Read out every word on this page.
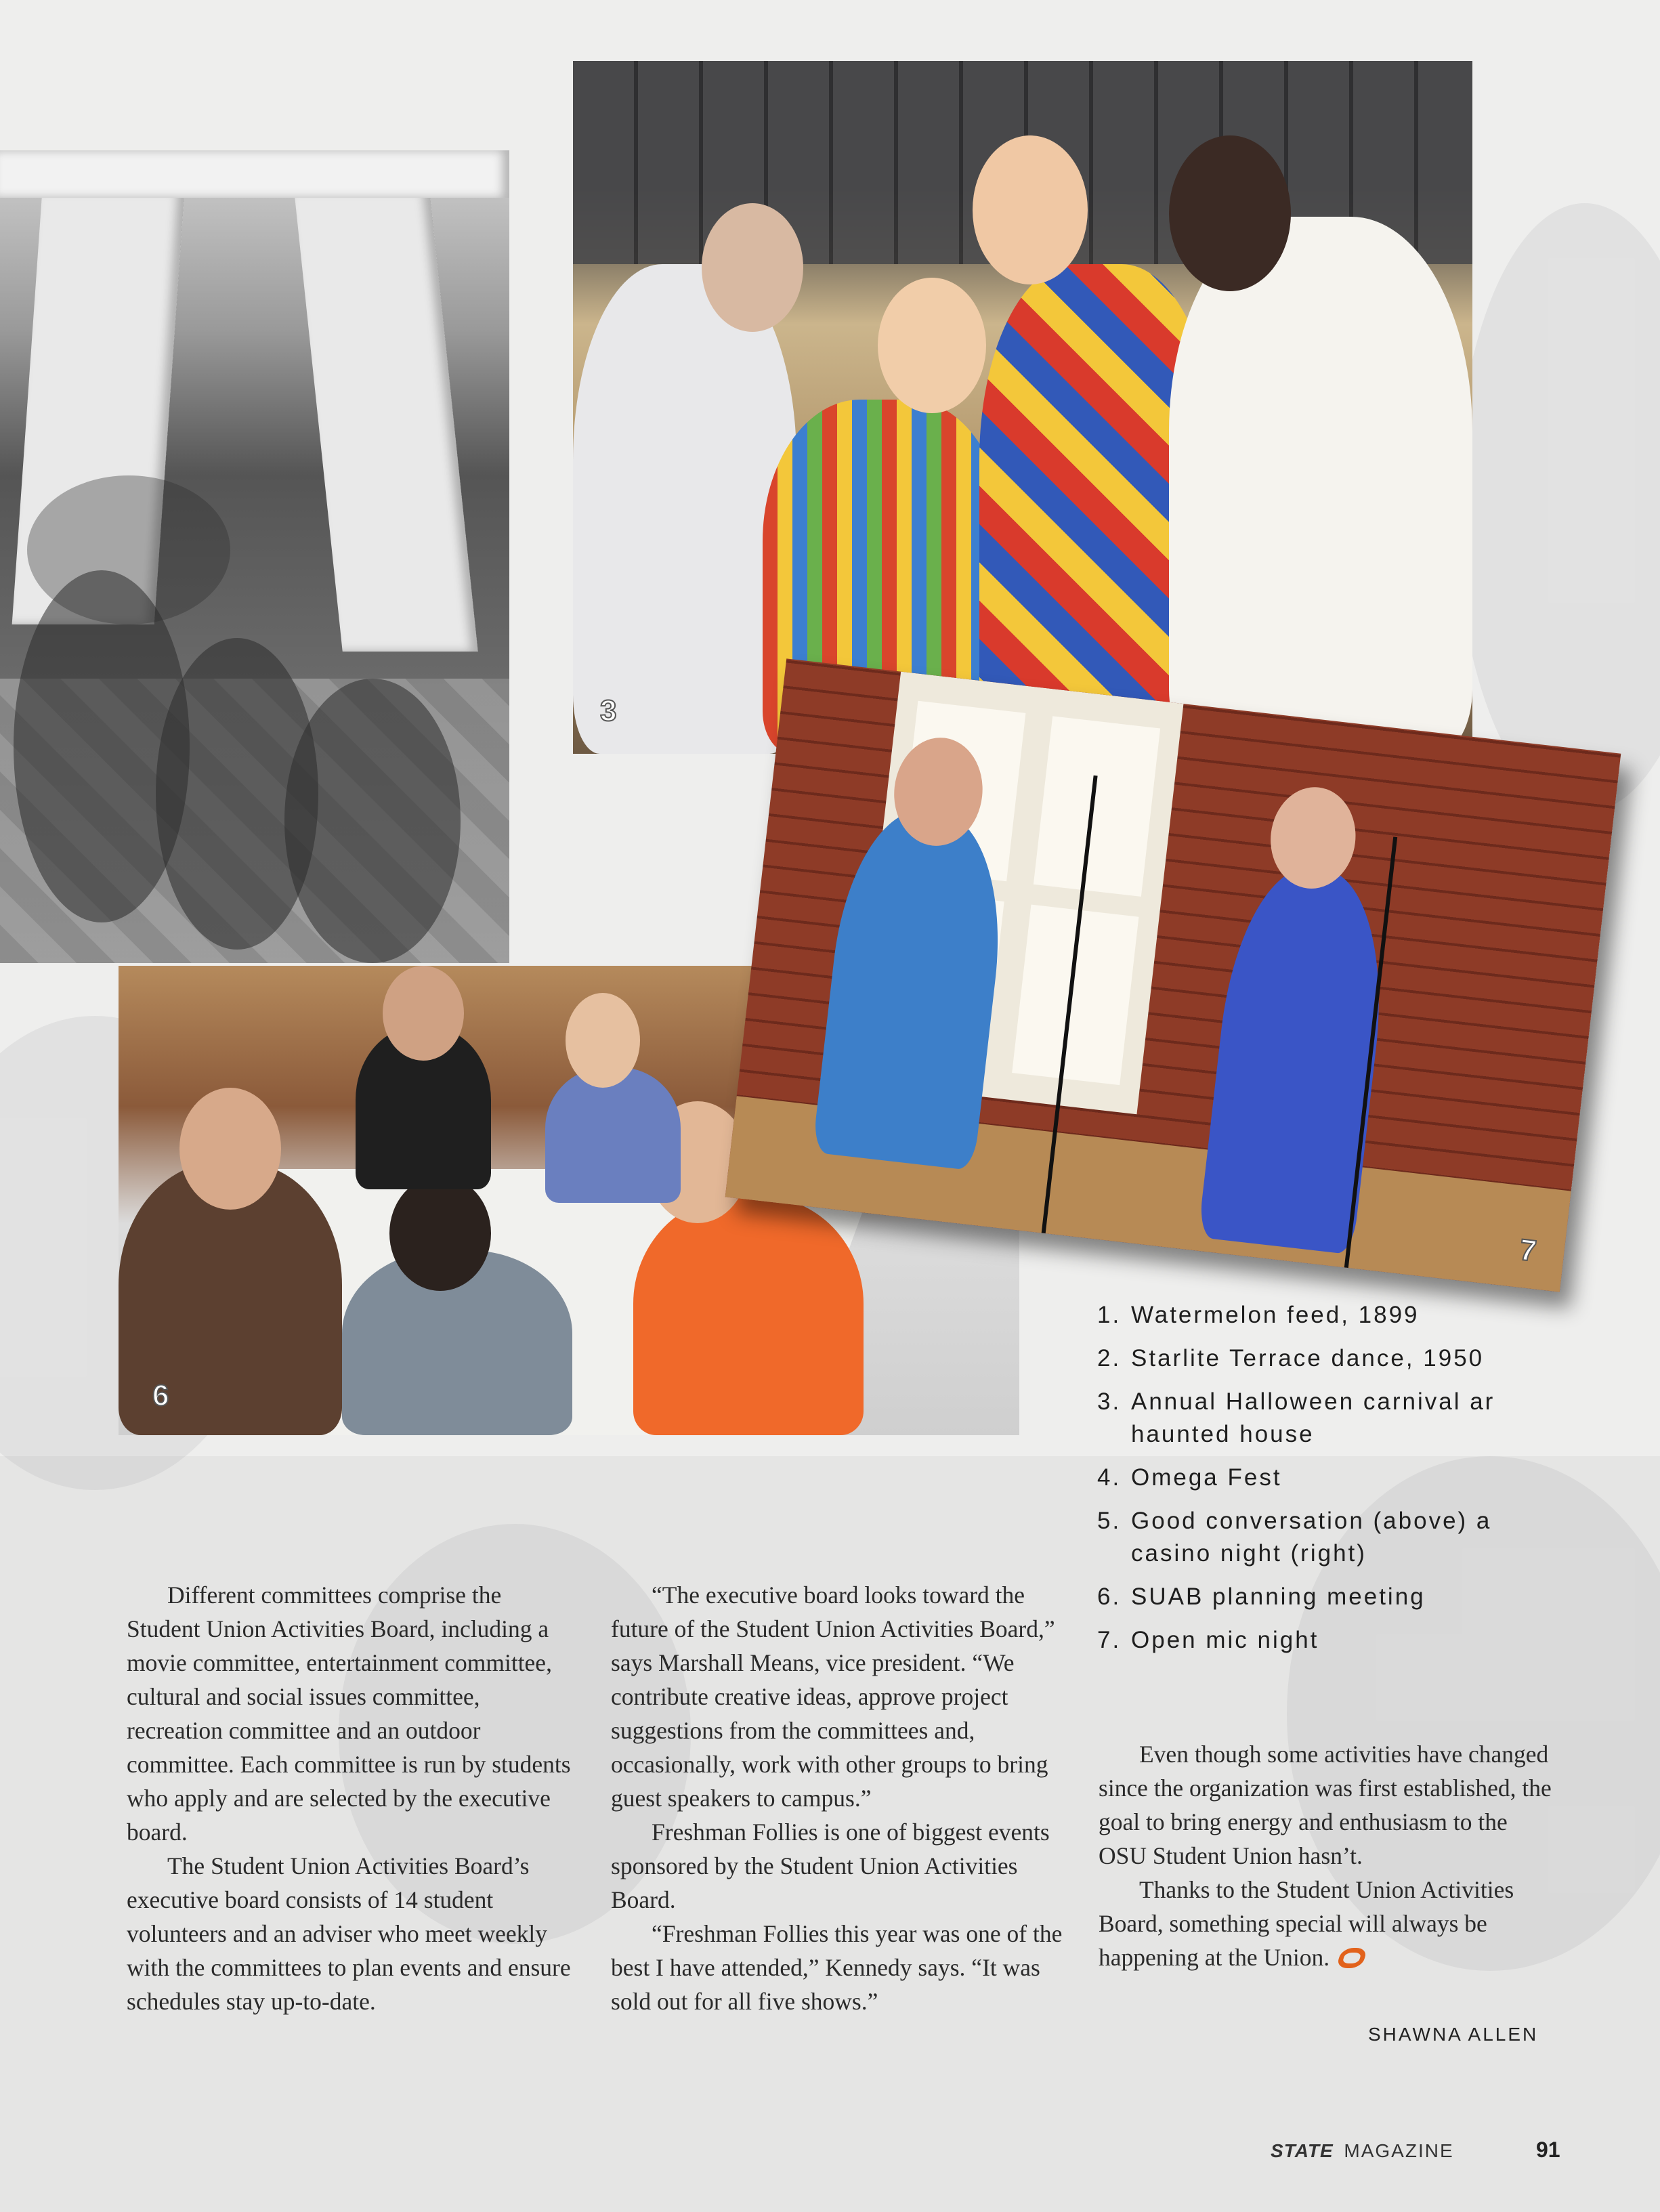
3
6
7
1. Watermelon feed, 1899
2. Starlite Terrace dance, 1950
3. Annual Halloween carnival ar haunted house
4. Omega Fest
5. Good conversation (above) a casino night (right)
6. SUAB planning meeting
7. Open mic night

Different committees comprise the Student Union Activities Board, including a movie committee, entertainment committee, cultural and social issues committee, recreation committee and an outdoor committee. Each committee is run by students who apply and are selected by the executive board.

The Student Union Activities Board’s executive board consists of 14 student volunteers and an adviser who meet weekly with the committees to plan events and ensure schedules stay up-to-date.

“The executive board looks toward the future of the Student Union Activities Board,” says Marshall Means, vice president. “We contribute creative ideas, approve project suggestions from the committees and, occasionally, work with other groups to bring guest speakers to campus.”

Freshman Follies is one of biggest events sponsored by the Student Union Activities Board.

“Freshman Follies this year was one of the best I have attended,” Kennedy says. “It was sold out for all five shows.”

Even though some activities have changed since the organization was first established, the goal to bring energy and enthusiasm to the OSU Student Union hasn’t.

Thanks to the Student Union Activities Board, something special will always be happening at the Union.

SHAWNA ALLEN
STATE MAGAZINE	91
